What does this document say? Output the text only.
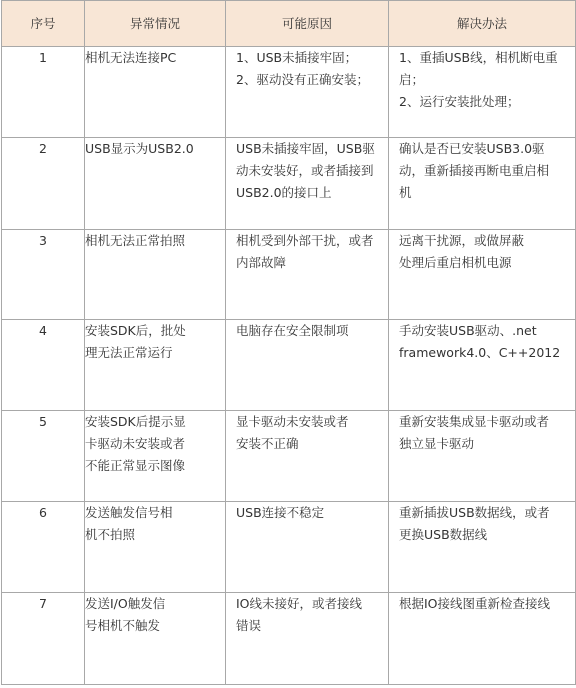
序号	异常情况	可能原因	解决办法
1	相机无法连接PC	1、USB未插接牢固；
2、驱动没有正确安装；	1、重插USB线，相机断电重
启；
2、运行安装批处理；
2	USB显示为USB2.0	USB未插接牢固，USB驱
动未安装好，或者插接到
USB2.0的接口上	确认是否已安装USB3.0驱
动，重新插接再断电重启相
机
3	相机无法正常拍照	相机受到外部干扰，或者
内部故障	远离干扰源，或做屏蔽
处理后重启相机电源
4	安装SDK后，批处
理无法正常运行	电脑存在安全限制项	手动安装USB驱动、.net
framework4.0、C++2012
5	安装SDK后提示显
卡驱动未安装或者
不能正常显示图像	显卡驱动未安装或者
安装不正确	重新安装集成显卡驱动或者
独立显卡驱动
6	发送触发信号相
机不拍照	USB连接不稳定	重新插拔USB数据线，或者
更换USB数据线
7	发送I/O触发信
号相机不触发	IO线未接好，或者接线
错误	根据IO接线图重新检查接线
